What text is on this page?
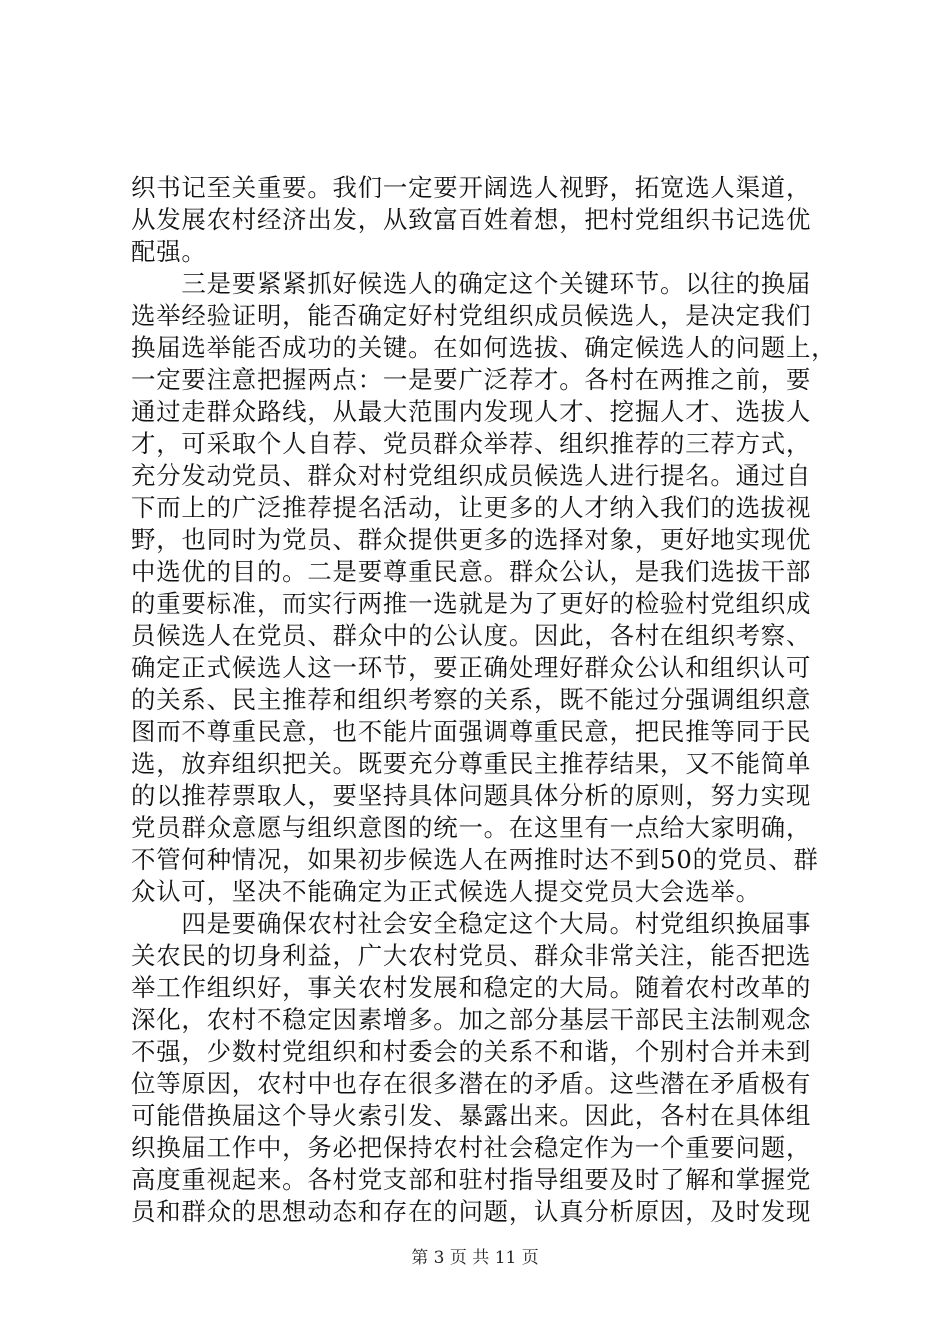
织书记至关重要。我们一定要开阔选人视野，拓宽选人渠道，
从发展农村经济出发，从致富百姓着想，把村党组织书记选优
配强。
　　三是要紧紧抓好候选人的确定这个关键环节。以往的换届
选举经验证明，能否确定好村党组织成员候选人，是决定我们
换届选举能否成功的关键。在如何选拔、确定候选人的问题上，
一定要注意把握两点：一是要广泛荐才。各村在两推之前，要
通过走群众路线，从最大范围内发现人才、挖掘人才、选拔人
才，可采取个人自荐、党员群众举荐、组织推荐的三荐方式，
充分发动党员、群众对村党组织成员候选人进行提名。通过自
下而上的广泛推荐提名活动，让更多的人才纳入我们的选拔视
野，也同时为党员、群众提供更多的选择对象，更好地实现优
中选优的目的。二是要尊重民意。群众公认，是我们选拔干部
的重要标准，而实行两推一选就是为了更好的检验村党组织成
员候选人在党员、群众中的公认度。因此，各村在组织考察、
确定正式候选人这一环节，要正确处理好群众公认和组织认可
的关系、民主推荐和组织考察的关系，既不能过分强调组织意
图而不尊重民意，也不能片面强调尊重民意，把民推等同于民
选，放弃组织把关。既要充分尊重民主推荐结果，又不能简单
的以推荐票取人，要坚持具体问题具体分析的原则，努力实现
党员群众意愿与组织意图的统一。在这里有一点给大家明确，
不管何种情况，如果初步候选人在两推时达不到50的党员、群
众认可，坚决不能确定为正式候选人提交党员大会选举。
　　四是要确保农村社会安全稳定这个大局。村党组织换届事
关农民的切身利益，广大农村党员、群众非常关注，能否把选
举工作组织好，事关农村发展和稳定的大局。随着农村改革的
深化，农村不稳定因素增多。加之部分基层干部民主法制观念
不强，少数村党组织和村委会的关系不和谐，个别村合并未到
位等原因，农村中也存在很多潜在的矛盾。这些潜在矛盾极有
可能借换届这个导火索引发、暴露出来。因此，各村在具体组
织换届工作中，务必把保持农村社会稳定作为一个重要问题，
高度重视起来。各村党支部和驻村指导组要及时了解和掌握党
员和群众的思想动态和存在的问题，认真分析原因，及时发现
第 3 页 共 11 页
